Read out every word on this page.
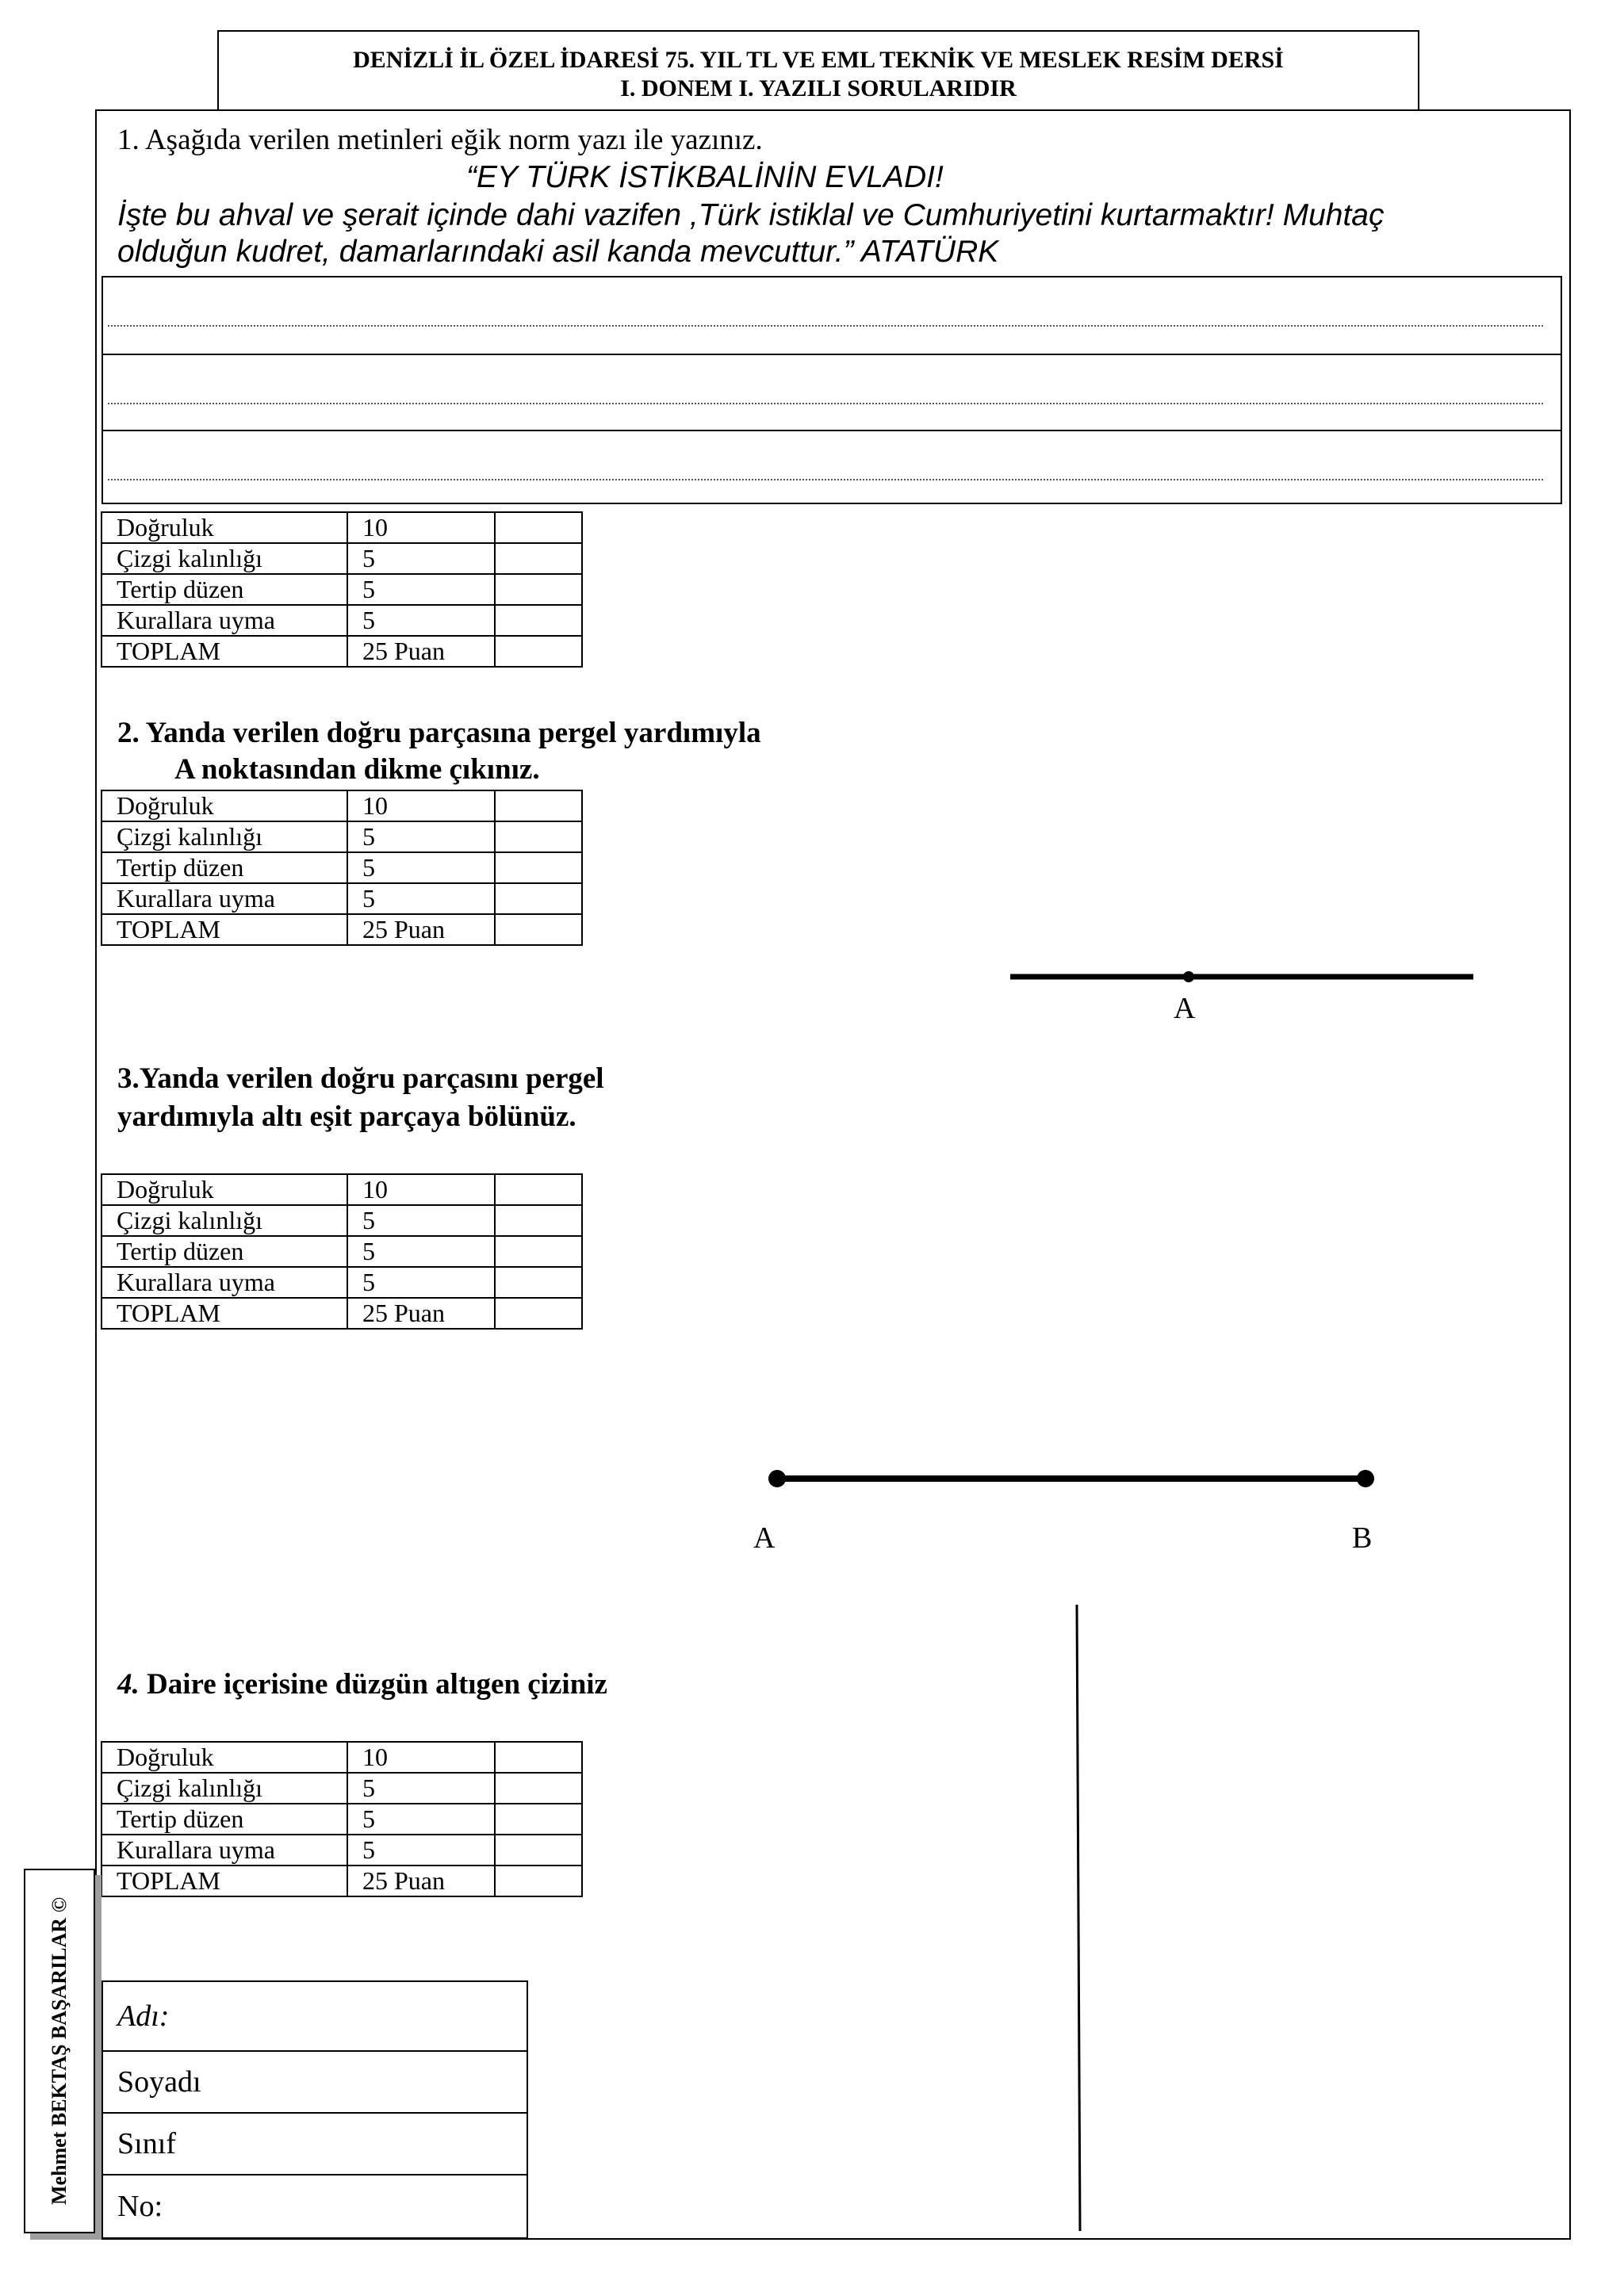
DENİZLİ İL ÖZEL İDARESİ 75. YIL TL VE EML TEKNİK VE MESLEK RESİM DERSİ
I. DONEM I. YAZILI SORULARIDIR
1. Aşağıda verilen metinleri eğik norm yazı ile yazınız.
“EY TÜRK İSTİKBALİNİN EVLADI!
İşte bu ahval ve şerait içinde dahi vazifen ,Türk istiklal ve Cumhuriyetini kurtarmaktır! Muhtaç
olduğun kudret, damarlarındaki asil kanda mevcuttur.” ATATÜRK
Doğruluk	10	
Çizgi kalınlığı	5	
Tertip düzen	5	
Kurallara uyma	5	
TOPLAM	25 Puan	
Doğruluk	10	
Çizgi kalınlığı	5	
Tertip düzen	5	
Kurallara uyma	5	
TOPLAM	25 Puan	
Doğruluk	10	
Çizgi kalınlığı	5	
Tertip düzen	5	
Kurallara uyma	5	
TOPLAM	25 Puan	
Doğruluk	10	
Çizgi kalınlığı	5	
Tertip düzen	5	
Kurallara uyma	5	
TOPLAM	25 Puan	
2. Yanda verilen doğru parçasına pergel yardımıyla
A noktasından dikme çıkınız.
A
3.Yanda verilen doğru parçasını pergel
yardımıyla altı eşit parçaya bölünüz.
A	B
4. Daire içerisine düzgün altıgen çiziniz
Adı:
Soyadı
Sınıf
No:
Mehmet BEKTAŞ BAŞARILAR ©
